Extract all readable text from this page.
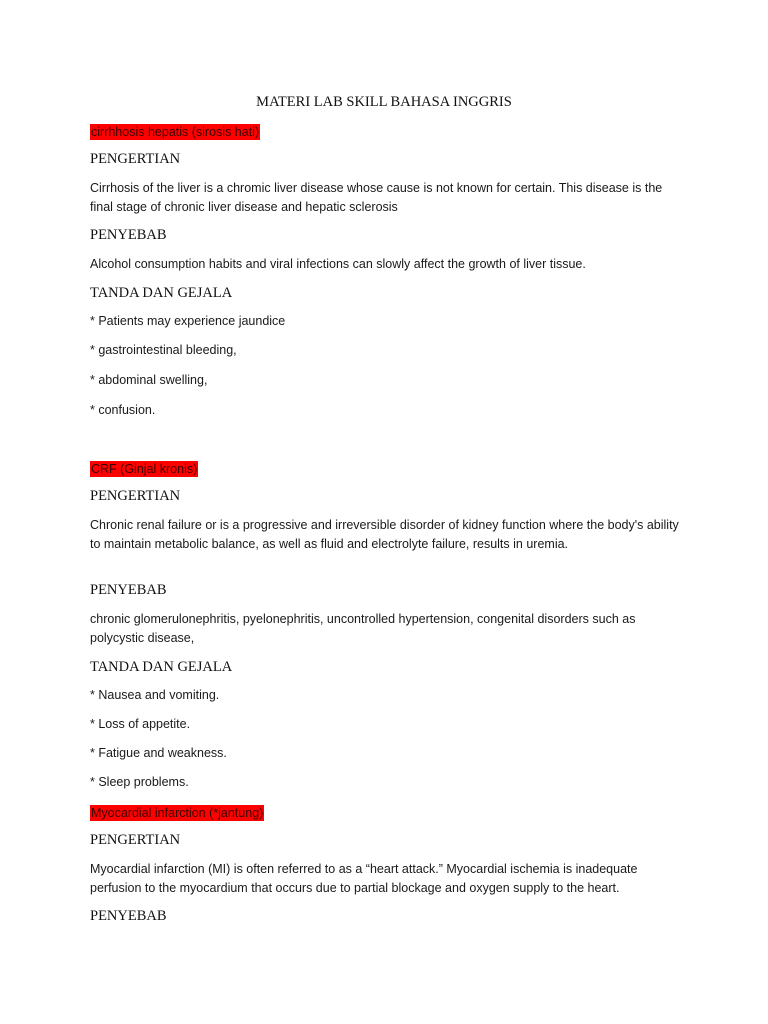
MATERI LAB SKILL BAHASA INGGRIS

cirrhhosis hepatis (sirosis hati)

PENGERTIAN

Cirrhosis of the liver is a chromic liver disease whose cause is not known for certain. This disease is the final stage of chronic liver disease and hepatic sclerosis

PENYEBAB

Alcohol consumption habits and viral infections can slowly affect the growth of liver tissue.

TANDA DAN GEJALA

* Patients may experience jaundice

* gastrointestinal bleeding,

* abdominal swelling,

* confusion.

CRF (Ginjal kronis)

PENGERTIAN

Chronic renal failure or is a progressive and irreversible disorder of kidney function where the body's ability to maintain metabolic balance, as well as fluid and electrolyte failure, results in uremia.

PENYEBAB

chronic glomerulonephritis, pyelonephritis, uncontrolled hypertension, congenital disorders such as polycystic disease,

TANDA DAN GEJALA

* Nausea and vomiting.

* Loss of appetite.

* Fatigue and weakness.

* Sleep problems.

Myocardial infarction (*jantung)

PENGERTIAN

Myocardial infarction (MI) is often referred to as a “heart attack.” Myocardial ischemia is inadequate perfusion to the myocardium that occurs due to partial blockage and oxygen supply to the heart.

PENYEBAB
